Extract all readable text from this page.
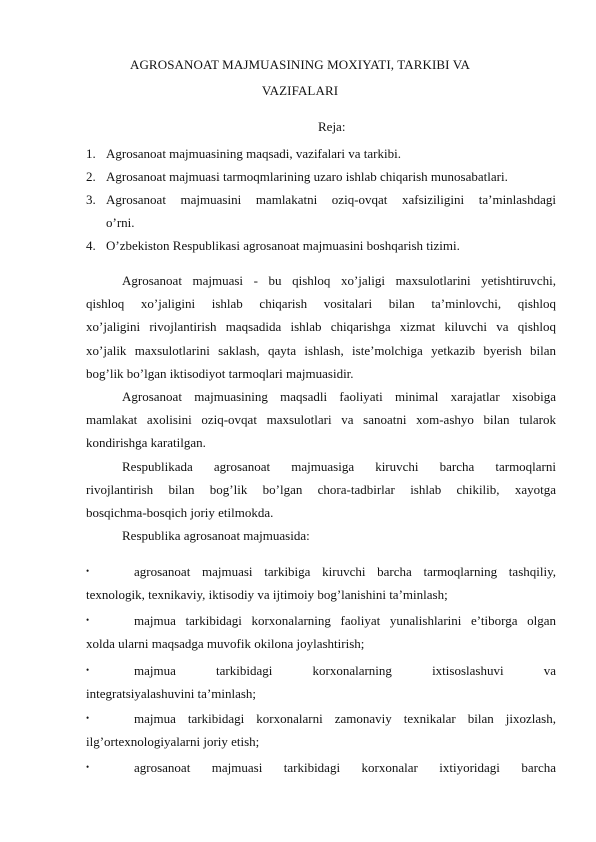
AGROSANOAT MAJMUASINING MOXIYATI, TARKIBI VA
VAZIFALARI
Reja:
1. Agrosanoat majmuasining maqsadi, vazifalari va tarkibi.
2. Agrosanoat majmuasi tarmoqmlarining uzaro ishlab chiqarish munosabatlari.
3. Agrosanoat majmuasini mamlakatni oziq-ovqat xafsiziligini ta’minlashdagi
o’rni.
4. O’zbekiston Respublikasi agrosanoat majmuasini boshqarish tizimi.
Agrosanoat majmuasi - bu qishloq xo’jaligi maxsulotlarini yetishtiruvchi,
qishloq xo’jaligini ishlab chiqarish vositalari bilan ta’minlovchi, qishloq
xo’jaligini rivojlantirish maqsadida ishlab chiqarishga xizmat kiluvchi va qishloq
xo’jalik maxsulotlarini saklash, qayta ishlash, iste’molchiga yetkazib byerish bilan
bog’lik bo’lgan iktisodiyot tarmoqlari majmuasidir.
Agrosanoat majmuasining maqsadli faoliyati minimal xarajatlar xisobiga
mamlakat axolisini oziq-ovqat maxsulotlari va sanoatni xom-ashyo bilan tularok
kondirishga karatilgan.
Respublikada agrosanoat majmuasiga kiruvchi barcha tarmoqlarni
rivojlantirish bilan bog’lik bo’lgan chora-tadbirlar ishlab chikilib, xayotga
bosqichma-bosqich joriy etilmokda.
Respublika agrosanoat majmuasida:
•	agrosanoat majmuasi tarkibiga kiruvchi barcha tarmoqlarning tashqiliy,
texnologik, texnikaviy, iktisodiy va ijtimoiy bog’lanishini ta’minlash;
•	majmua tarkibidagi korxonalarning faoliyat yunalishlarini e’tiborga olgan
xolda ularni maqsadga muvofik okilona joylashtirish;
•	majmua tarkibidagi korxonalarning ixtisoslashuvi va
integratsiyalashuvini ta’minlash;
•	majmua tarkibidagi korxonalarni zamonaviy texnikalar bilan jixozlash,
ilg’ortexnologiyalarni joriy etish;
•	agrosanoat majmuasi tarkibidagi korxonalar ixtiyoridagi barcha
